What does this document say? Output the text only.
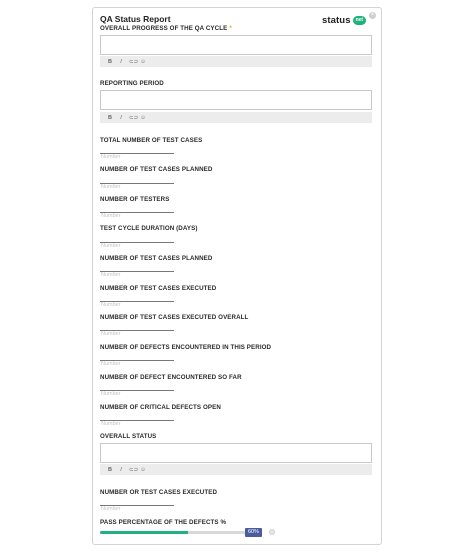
×
QA Status Report	status	net
OVERALL PROGRESS OF THE QA CYCLE *
B	I	⊂⊃ ☺
REPORTING PERIOD
B	I	⊂⊃ ☺
TOTAL NUMBER OF TEST CASES
Number
NUMBER OF TEST CASES PLANNED
Number
NUMBER OF TESTERS
Number
TEST CYCLE DURATION (DAYS)
Number
NUMBER OF TEST CASES PLANNED
Number
NUMBER OF TEST CASES EXECUTED
Number
NUMBER OF TEST CASES EXECUTED OVERALL
Number
NUMBER OF DEFECTS ENCOUNTERED IN THIS PERIOD
Number
NUMBER OF DEFECT ENCOUNTERED SO FAR
Number
NUMBER OF CRITICAL DEFECTS OPEN
Number
OVERALL STATUS
B	I	⊂⊃ ☺
NUMBER OR TEST CASES EXECUTED
Number
PASS PERCENTAGE OF THE DEFECTS %
60%
